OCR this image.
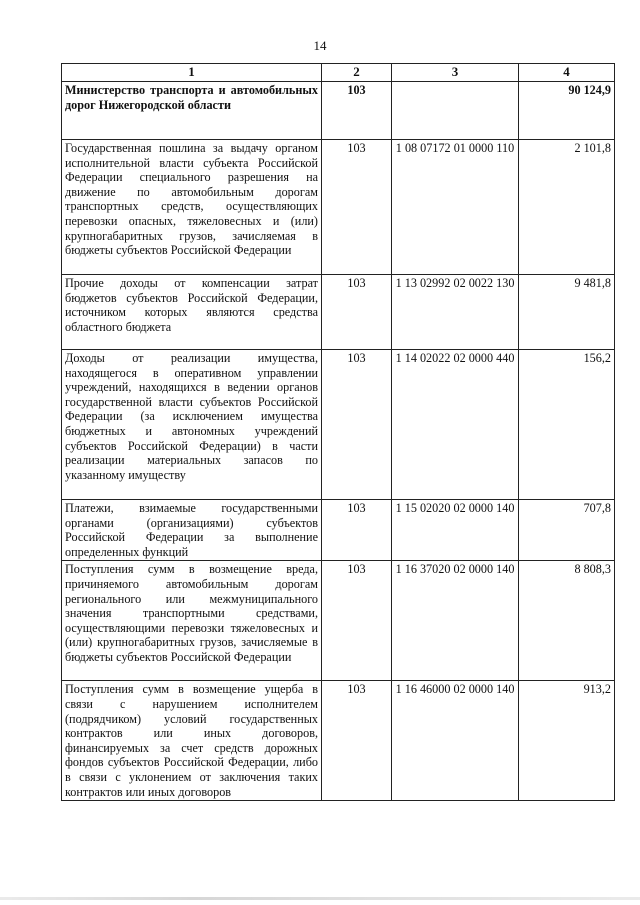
14
1	2	3	4
Министерство транспорта и автомобильных дорог Нижегородской области	103		90 124,9
Государственная пошлина за выдачу органом исполнительной власти субъекта Российской Федерации специального разрешения на движение по автомобильным дорогам транспортных средств, осуществляющих перевозки опасных, тяжеловесных и (или) крупногабаритных грузов, зачисляемая в бюджеты субъектов Российской Федерации	103	1 08 07172 01 0000 110	2 101,8
Прочие доходы от компенсации затрат бюджетов субъектов Российской Федерации, источником которых являются средства областного бюджета	103	1 13 02992 02 0022 130	9 481,8
Доходы от реализации имущества, находящегося в оперативном управлении учреждений, находящихся в ведении органов государственной власти субъектов Российской Федерации (за исключением имущества бюджетных и автономных учреждений субъектов Российской Федерации) в части реализации материальных запасов по указанному имуществу	103	1 14 02022 02 0000 440	156,2
Платежи, взимаемые государственными органами (организациями) субъектов Российской Федерации за выполнение определенных функций	103	1 15 02020 02 0000 140	707,8
Поступления сумм в возмещение вреда, причиняемого автомобильным дорогам регионального или межмуниципального значения транспортными средствами, осуществляющими перевозки тяжеловесных и (или) крупногабаритных грузов, зачисляемые в бюджеты субъектов Российской Федерации	103	1 16 37020 02 0000 140	8 808,3
Поступления сумм в возмещение ущерба в связи с нарушением исполнителем (подрядчиком) условий государственных контрактов или иных договоров, финансируемых за счет средств дорожных фондов субъектов Российской Федерации, либо в связи с уклонением от заключения таких контрактов или иных договоров	103	1 16 46000 02 0000 140	913,2
